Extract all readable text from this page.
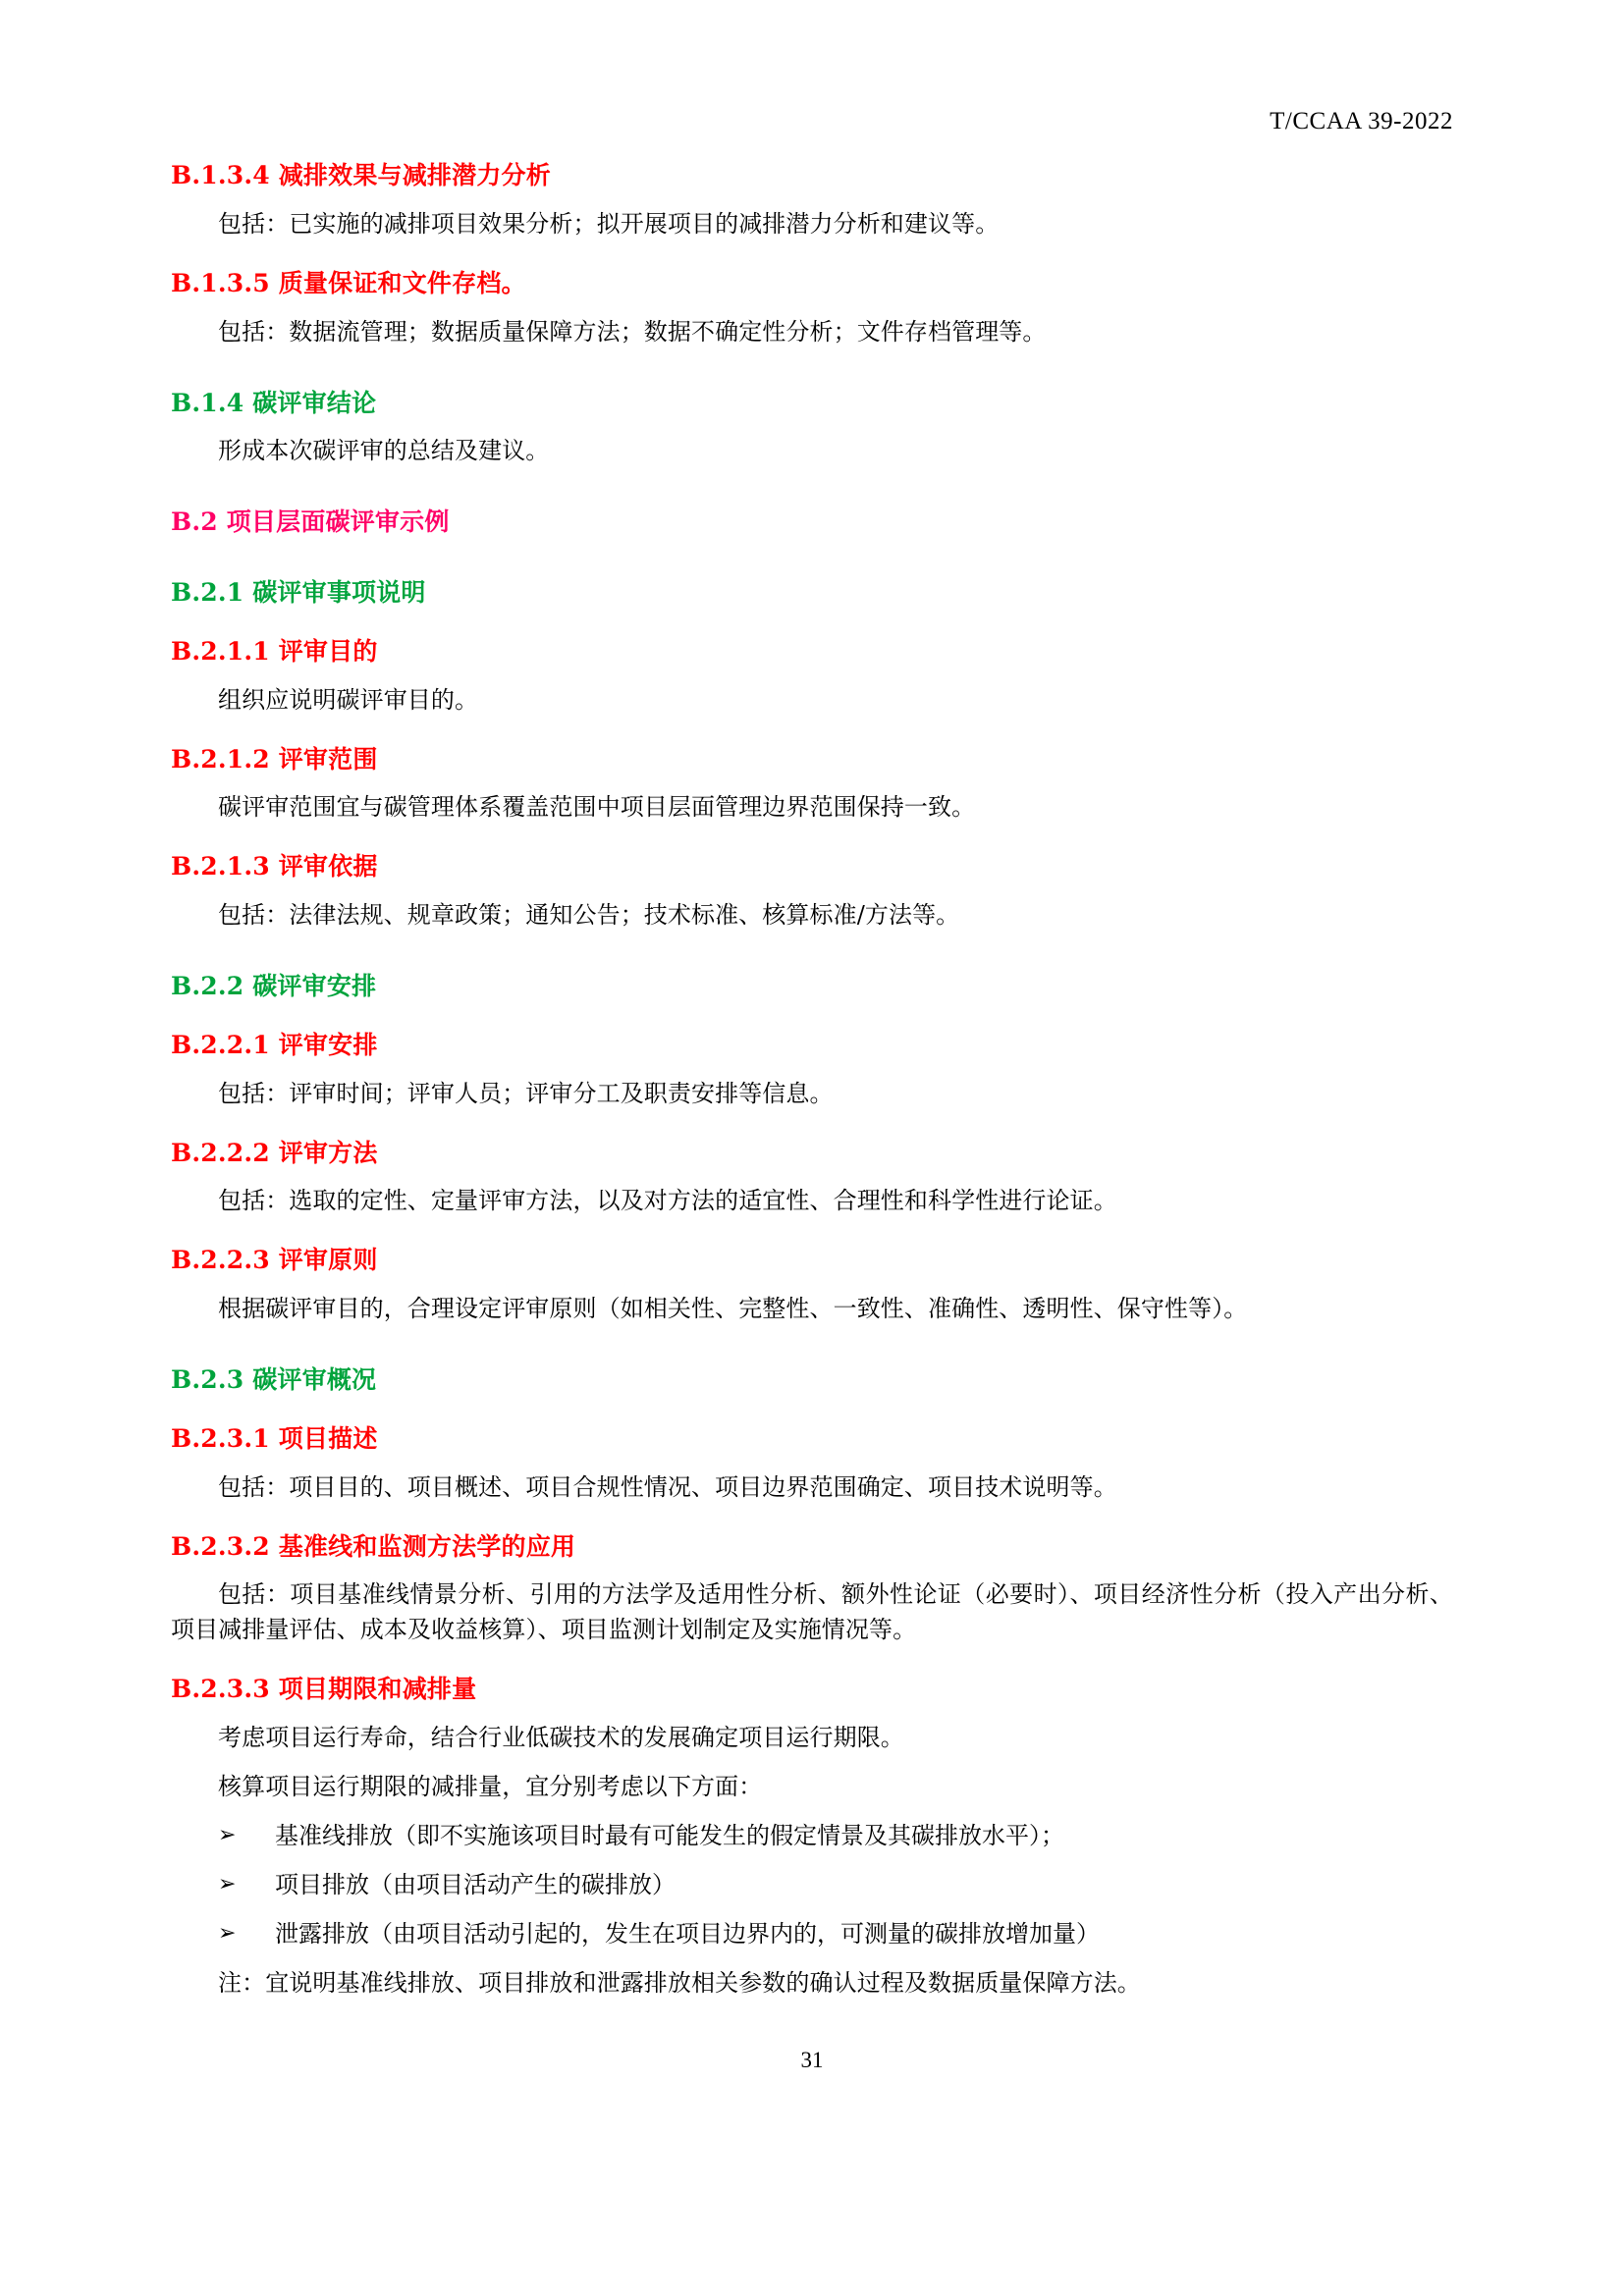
T/CCAA 39-2022
B.1.3.4 减排效果与减排潜力分析

包括：已实施的减排项目效果分析；拟开展项目的减排潜力分析和建议等。

B.1.3.5 质量保证和文件存档。

包括：数据流管理；数据质量保障方法；数据不确定性分析；文件存档管理等。

B.1.4 碳评审结论

形成本次碳评审的总结及建议。

B.2 项目层面碳评审示例
B.2.1 碳评审事项说明
B.2.1.1 评审目的

组织应说明碳评审目的。

B.2.1.2 评审范围

碳评审范围宜与碳管理体系覆盖范围中项目层面管理边界范围保持一致。

B.2.1.3 评审依据

包括：法律法规、规章政策；通知公告；技术标准、核算标准/方法等。

B.2.2 碳评审安排
B.2.2.1 评审安排

包括：评审时间；评审人员；评审分工及职责安排等信息。

B.2.2.2 评审方法

包括：选取的定性、定量评审方法，以及对方法的适宜性、合理性和科学性进行论证。

B.2.2.3 评审原则

根据碳评审目的，合理设定评审原则（如相关性、完整性、一致性、准确性、透明性、保守性等）。

B.2.3 碳评审概况
B.2.3.1 项目描述

包括：项目目的、项目概述、项目合规性情况、项目边界范围确定、项目技术说明等。

B.2.3.2 基准线和监测方法学的应用

包括：项目基准线情景分析、引用的方法学及适用性分析、额外性论证（必要时）、项目经济性分析（投入产出分析、项目减排量评估、成本及收益核算）、项目监测计划制定及实施情况等。

B.2.3.3 项目期限和减排量

考虑项目运行寿命，结合行业低碳技术的发展确定项目运行期限。

核算项目运行期限的减排量，宜分别考虑以下方面：

➢	基准线排放（即不实施该项目时最有可能发生的假定情景及其碳排放水平）；
➢	项目排放（由项目活动产生的碳排放）
➢	泄露排放（由项目活动引起的，发生在项目边界内的，可测量的碳排放增加量）

注：宜说明基准线排放、项目排放和泄露排放相关参数的确认过程及数据质量保障方法。

31
